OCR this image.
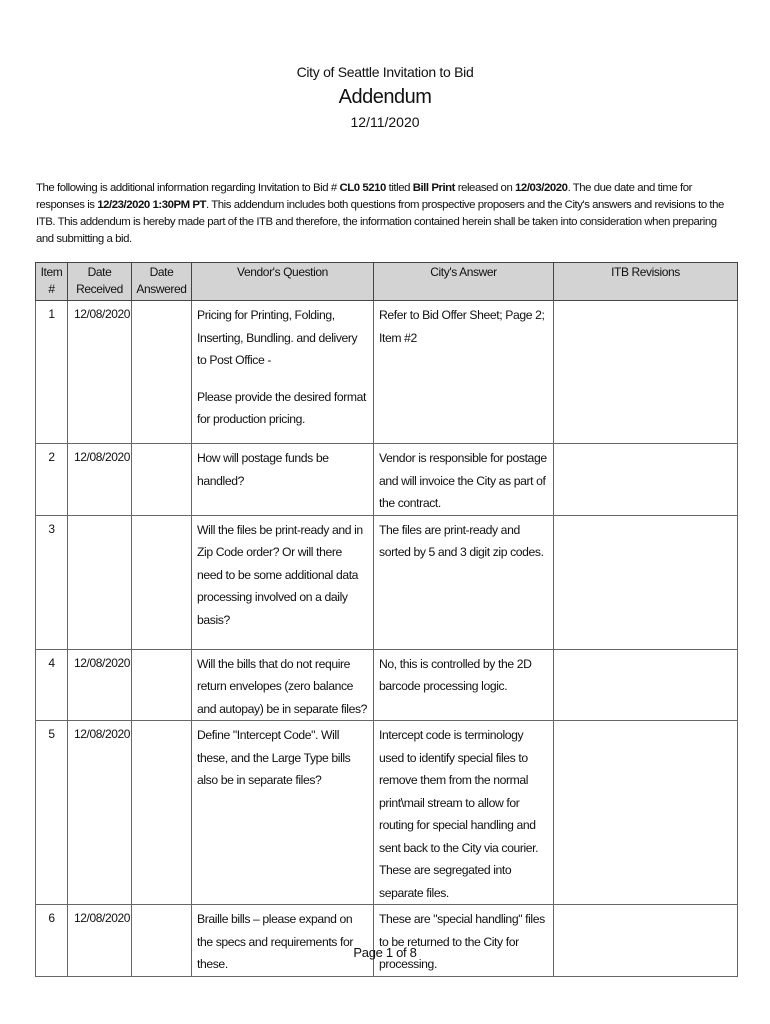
City of Seattle Invitation to Bid
Addendum
12/11/2020
The following is additional information regarding Invitation to Bid # CL0 5210 titled Bill Print released on 12/03/2020. The due date and time for responses is 12/23/2020 1:30PM PT. This addendum includes both questions from prospective proposers and the City's answers and revisions to the ITB. This addendum is hereby made part of the ITB and therefore, the information contained herein shall be taken into consideration when preparing and submitting a bid.
Item #	Date Received	Date Answered	Vendor's Question	City's Answer	ITB Revisions
1	12/08/2020		Pricing for Printing, Folding, Inserting, Bundling. and delivery to Post Office -

Please provide the desired format for production pricing.	Refer to Bid Offer Sheet; Page 2; Item #2	
2	12/08/2020		How will postage funds be handled?	Vendor is responsible for postage and will invoice the City as part of the contract.	
3			Will the files be print-ready and in Zip Code order? Or will there need to be some additional data processing involved on a daily basis?	The files are print-ready and sorted by 5 and 3 digit zip codes.	
4	12/08/2020		Will the bills that do not require return envelopes (zero balance and autopay) be in separate files?	No, this is controlled by the 2D barcode processing logic.	
5	12/08/2020		Define "Intercept Code". Will these, and the Large Type bills also be in separate files?	Intercept code is terminology used to identify special files to remove them from the normal print\mail stream to allow for routing for special handling and sent back to the City via courier. These are segregated into separate files.	
6	12/08/2020		Braille bills – please expand on the specs and requirements for these.	These are "special handling" files to be returned to the City for processing.	
Page 1 of 8
